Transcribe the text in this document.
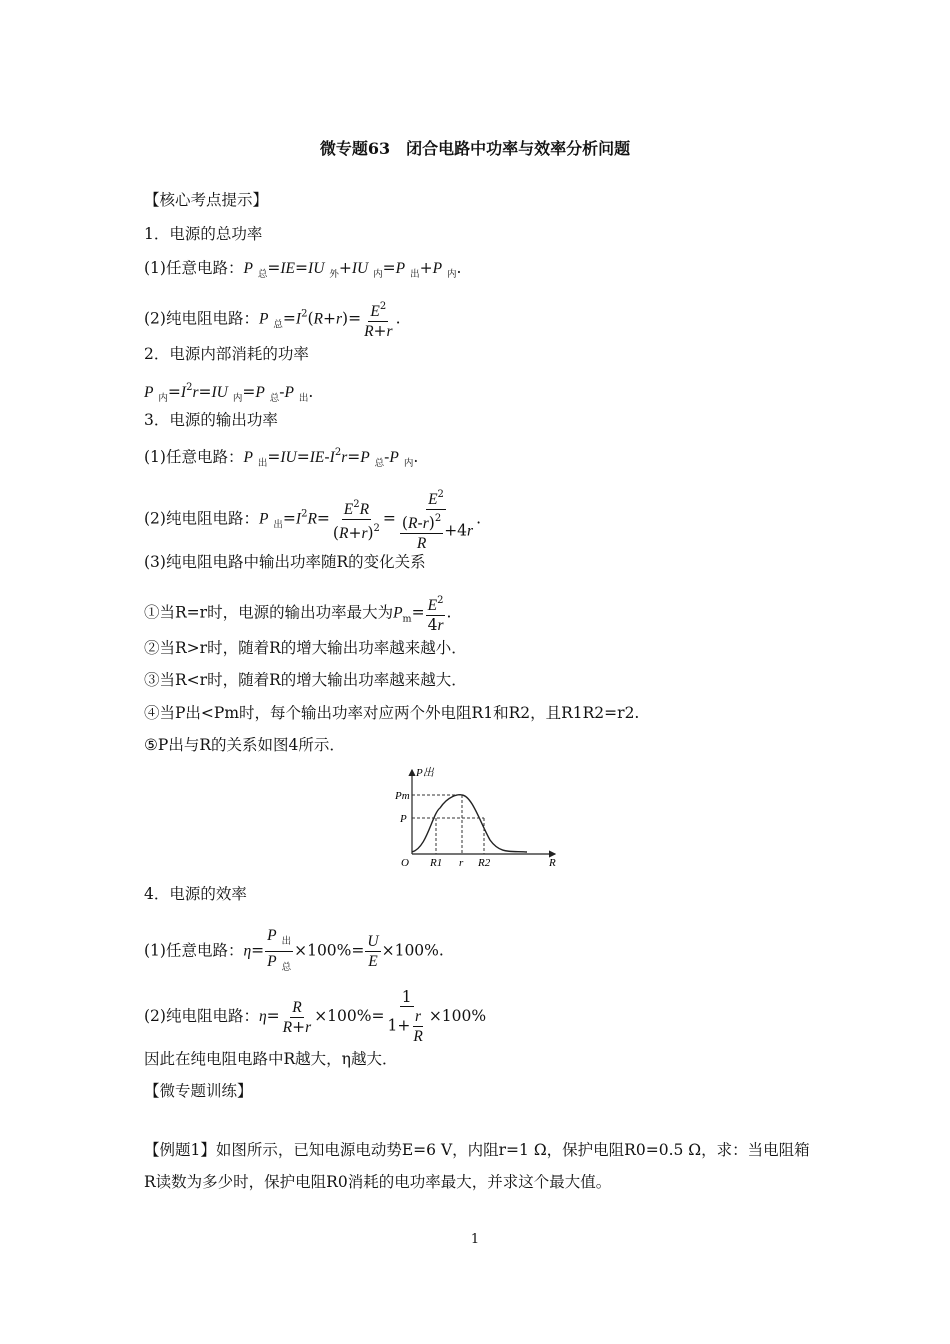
微专题63　闭合电路中功率与效率分析问题
【核心考点提示】
1．电源的总功率
(1)任意电路：P $_总$=IE=IU $_外$+IU $_内$=P $_出$+P $_内$.
(2)纯电阻电路：P $_总=I^2(R+r)= \frac{E^2}{R+r}$ .
2．电源内部消耗的功率
P $_内=I^2r=IU$ $_内$=P $_总$-P $_出$.
3．电源的输出功率
(1)任意电路：P $_出=IU=IE-I^2r=P$ $_总$-P $_内$.
(2)纯电阻电路：P $_出=I^2R= \frac{E^2R}{(R+r)^2} = \frac{E^2}{\frac{(R-r)^2}{R} +4r}$ .
(3)纯电阻电路中输出功率随R的变化关系
①当R=r时，电源的输出功率最大为$P_m= \frac{E^2}{4r}$ .
②当R>r时，随着R的增大输出功率越来越小．
③当R<r时，随着R的增大输出功率越来越大．
④当P出<Pm时，每个输出功率对应两个外电阻R1和R2，且R1R2=r2.
⑤P出与R的关系如图4所示．
P出
Pm
P
O R1 r R2	R
4．电源的效率
(1)任意电路：$\eta= \frac{P _出}{P _总} \times 100\%= \frac{U}{E} \times 100\%$.
(2)纯电阻电路：$\eta= \frac{R}{R+r} \times 100\%= \frac{1}{1+ \frac{r}{R}} \times 100\%$
因此在纯电阻电路中R越大，η越大．
【微专题训练】
【例题1】如图所示，已知电源电动势E=6 V，内阻r=1 Ω，保护电阻R0=0.5 Ω，求：当电阻箱R读数为多少时，保护电阻R0消耗的电功率最大，并求这个最大值。
1
